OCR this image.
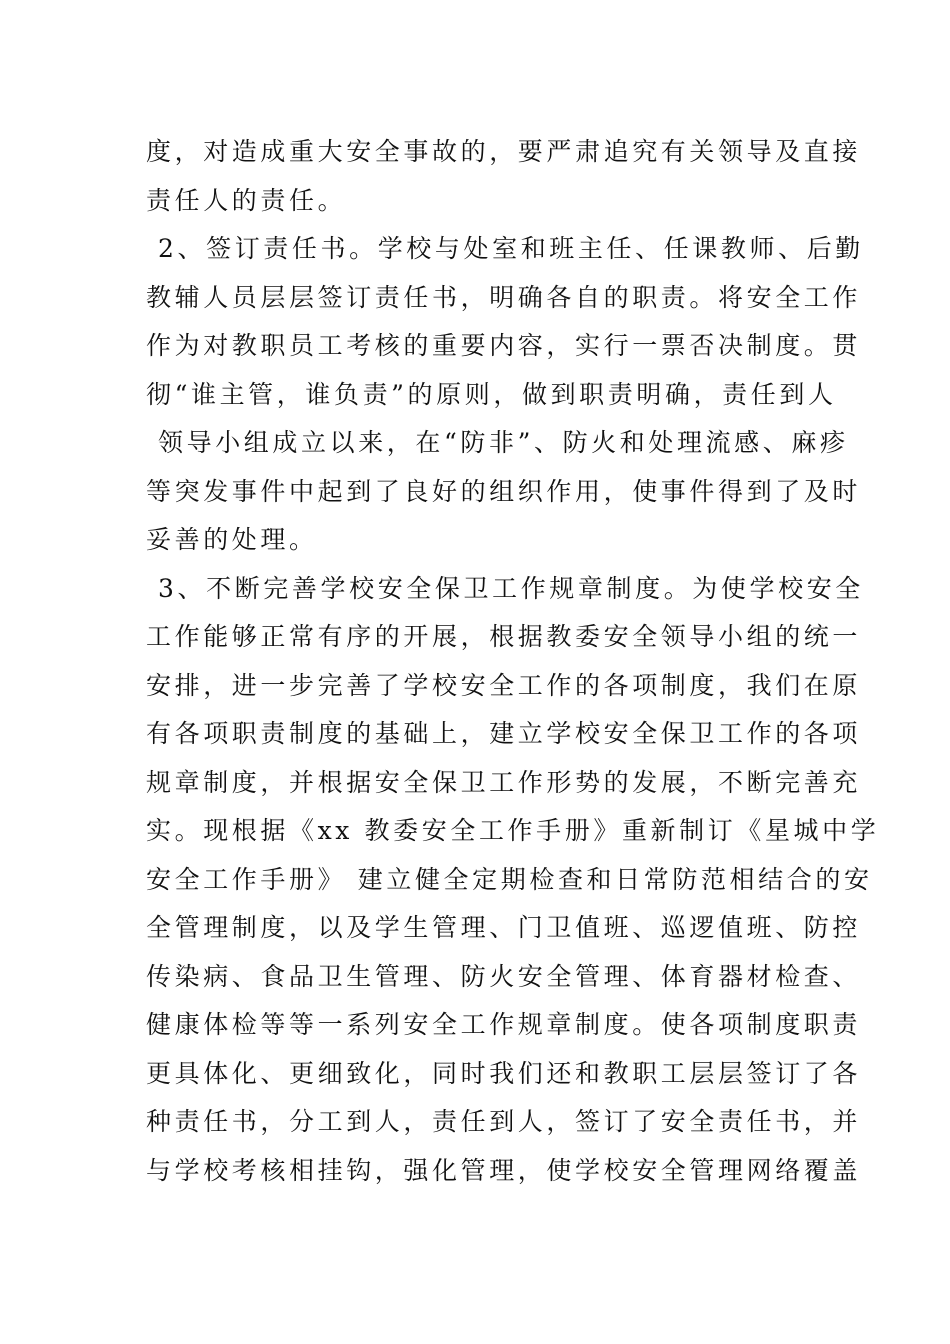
度，对造成重大安全事故的，要严肃追究有关领导及直接
责任人的责任。
2、签订责任书。学校与处室和班主任、任课教师、后勤
教辅人员层层签订责任书，明确各自的职责。将安全工作
作为对教职员工考核的重要内容，实行一票否决制度。贯
彻“谁主管，谁负责”的原则，做到职责明确，责任到人
领导小组成立以来，在“防非”、防火和处理流感、麻疹
等突发事件中起到了良好的组织作用，使事件得到了及时
妥善的处理。
3、不断完善学校安全保卫工作规章制度。为使学校安全
工作能够正常有序的开展，根据教委安全领导小组的统一
安排，进一步完善了学校安全工作的各项制度，我们在原
有各项职责制度的基础上，建立学校安全保卫工作的各项
规章制度，并根据安全保卫工作形势的发展，不断完善充
实。现根据《xx 教委安全工作手册》重新制订《星城中学
安全工作手册》 建立健全定期检查和日常防范相结合的安
全管理制度，以及学生管理、门卫值班、巡逻值班、防控
传染病、食品卫生管理、防火安全管理、体育器材检查、
健康体检等等一系列安全工作规章制度。使各项制度职责
更具体化、更细致化，同时我们还和教职工层层签订了各
种责任书，分工到人，责任到人，签订了安全责任书，并
与学校考核相挂钩，强化管理，使学校安全管理网络覆盖
